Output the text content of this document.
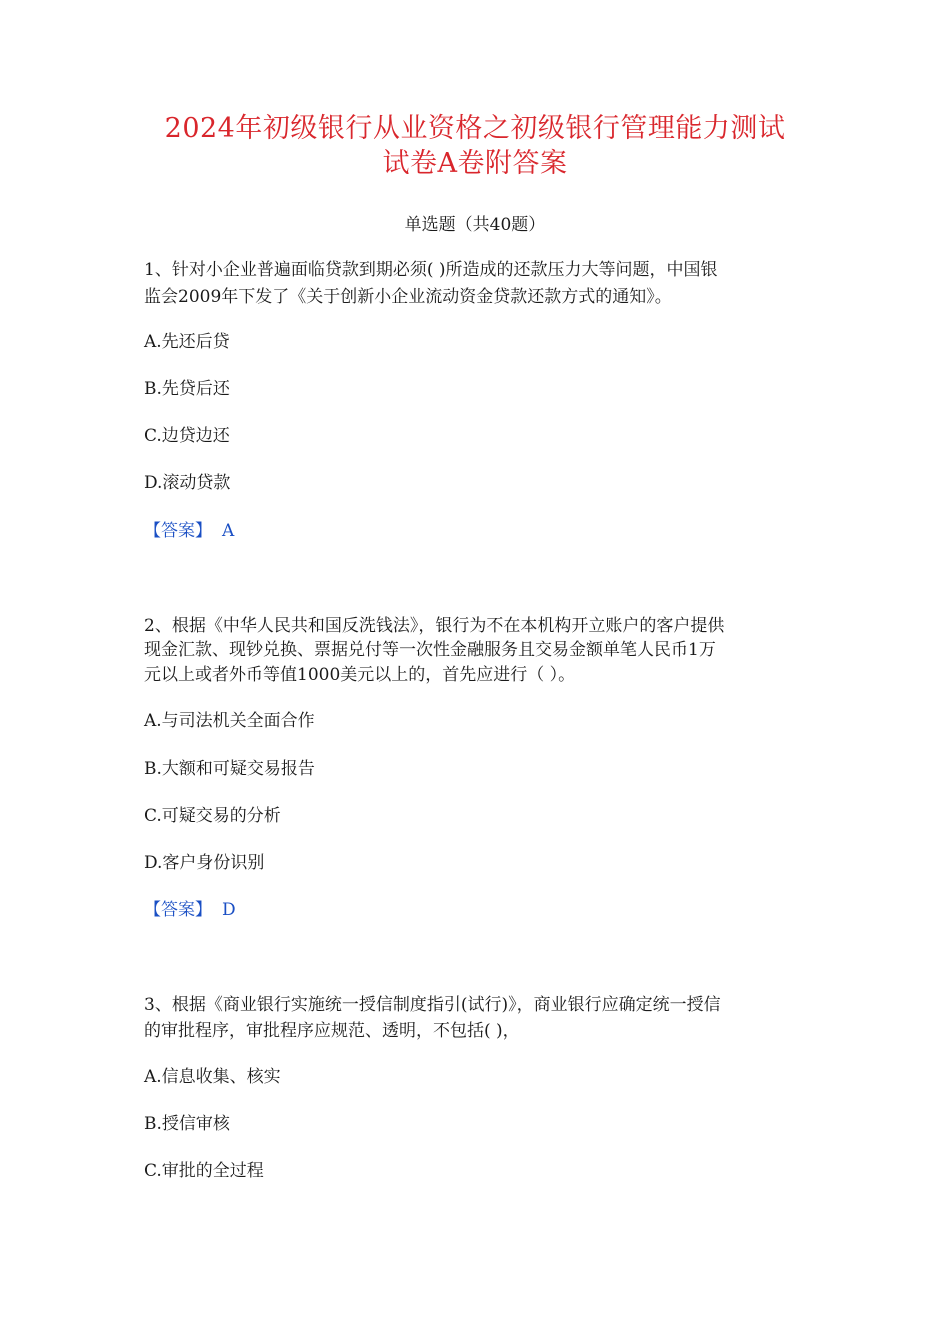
2024年初级银行从业资格之初级银行管理能力测试
试卷A卷附答案
单选题（共40题）
1、针对小企业普遍面临贷款到期必须( )所造成的还款压力大等问题，中国银
监会2009年下发了《关于创新小企业流动资金贷款还款方式的通知》。
A.先还后贷
B.先贷后还
C.边贷边还
D.滚动贷款
【答案】 A
2、根据《中华人民共和国反洗钱法》，银行为不在本机构开立账户的客户提供
现金汇款、现钞兑换、票据兑付等一次性金融服务且交易金额单笔人民币1万
元以上或者外币等值1000美元以上的，首先应进行（ ）。
A.与司法机关全面合作
B.大额和可疑交易报告
C.可疑交易的分析
D.客户身份识别
【答案】 D
3、根据《商业银行实施统一授信制度指引(试行)》，商业银行应确定统一授信
的审批程序，审批程序应规范、透明，不包括( )，
A.信息收集、核实
B.授信审核
C.审批的全过程
